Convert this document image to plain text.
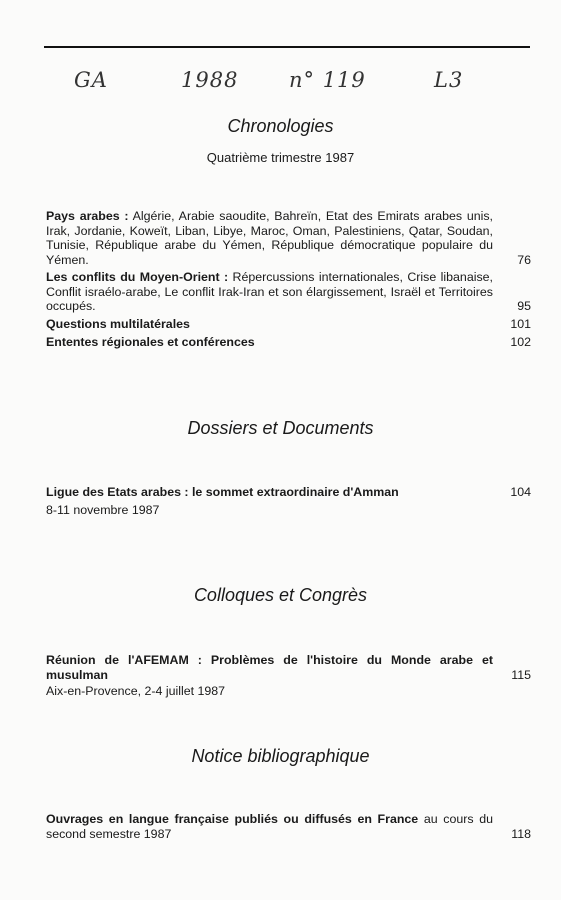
GA	1988 n° 119	L3
Chronologies
Quatrième trimestre 1987
Pays arabes : Algérie, Arabie saoudite, Bahreïn, Etat des Emirats arabes unis, Irak, Jordanie, Koweït, Liban, Libye, Maroc, Oman, Palestiniens, Qatar, Soudan, Tunisie, République arabe du Yémen, République démocratique populaire du Yémen.	76
Les conflits du Moyen-Orient : Répercussions internationales, Crise libanaise, Conflit israélo-arabe, Le conflit Irak-Iran et son élargissement, Israël et Territoires occupés.	95
Questions multilatérales	101
Ententes régionales et conférences	102
Dossiers et Documents
Ligue des Etats arabes : le sommet extraordinaire d'Amman	104
8-11 novembre 1987
Colloques et Congrès
Réunion de l'AFEMAM : Problèmes de l'histoire du Monde arabe et musulman	115
Aix-en-Provence, 2-4 juillet 1987
Notice bibliographique
Ouvrages en langue française publiés ou diffusés en France au cours du second semestre 1987	118
